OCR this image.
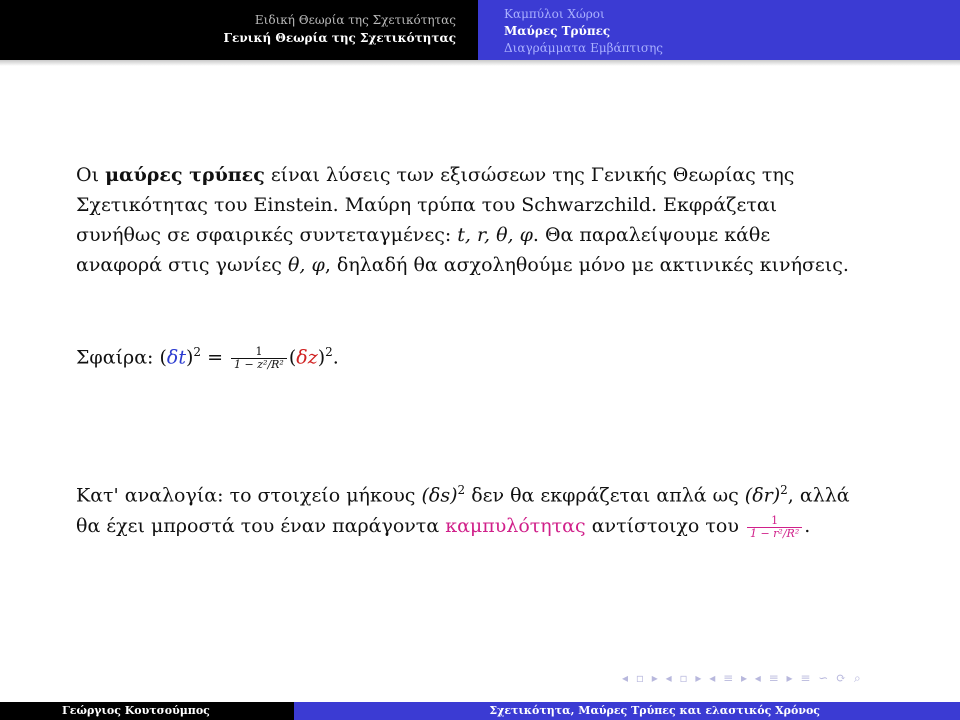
Ειδική Θεωρία της Σχετικότητας
Γενική Θεωρία της Σχετικότητας
Καμπύλοι Χώροι
Μαύρες Τρύπες
Διαγράμματα Εμβάπτισης
Οι μαύρες τρύπες είναι λύσεις των εξισώσεων της Γενικής Θεωρίας της
Σχετικότητας του Einstein. Μαύρη τρύπα του Schwarzchild. Εκφράζεται
συνήθως σε σφαιρικές συντεταγμένες: t, r, θ, φ. Θα παραλείψουμε κάθε
αναφορά στις γωνίες θ, φ, δηλαδή θα ασχοληθούμε μόνο με ακτινικές κινήσεις.
Σφαίρα: $(\delta t)^2 = \frac{1}{\text{1 − z²/R²}} (\delta z)^2$.
Κατ' αναλογία: το στοιχείο μήκους $(\delta s)^2$ δεν θα εκφράζεται απλά ως $(\delta r)^2$, αλλά
θα έχει μπροστά του έναν παράγοντα καμπυλότητας αντίστοιχο του $\frac{1}{\text{1 − r²/R²}}$ .
◂ ▫ ▸ ◂ ▫ ▸ ◂ ≡ ▸ ◂ ≡ ▸ ≡ ∽ ⟳ ⌕
Γεώργιος Κουτσούμπος	Σχετικότητα, Μαύρες Τρύπες και ελαστικός Χρόνος
